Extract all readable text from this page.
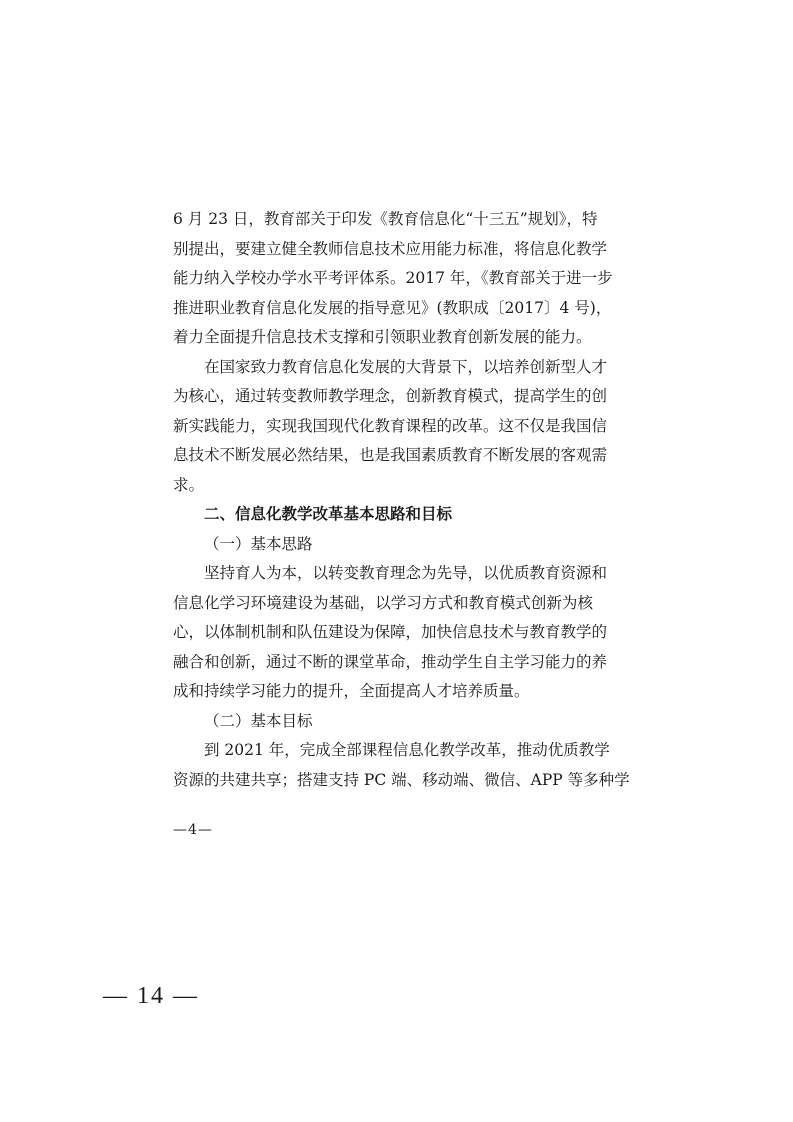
6 月 23 日，教育部关于印发《教育信息化“十三五”规划》，特
别提出，要建立健全教师信息技术应用能力标准，将信息化教学
能力纳入学校办学水平考评体系。2017 年，《教育部关于进一步
推进职业教育信息化发展的指导意见》(教职成〔2017〕4 号)，
着力全面提升信息技术支撑和引领职业教育创新发展的能力。
在国家致力教育信息化发展的大背景下，以培养创新型人才
为核心，通过转变教师教学理念，创新教育模式，提高学生的创
新实践能力，实现我国现代化教育课程的改革。这不仅是我国信
息技术不断发展必然结果，也是我国素质教育不断发展的客观需
求。
二、信息化教学改革基本思路和目标
（一）基本思路
坚持育人为本，以转变教育理念为先导，以优质教育资源和
信息化学习环境建设为基础，以学习方式和教育模式创新为核
心，以体制机制和队伍建设为保障，加快信息技术与教育教学的
融合和创新，通过不断的课堂革命，推动学生自主学习能力的养
成和持续学习能力的提升，全面提高人才培养质量。
（二）基本目标
到 2021 年，完成全部课程信息化教学改革，推动优质教学
资源的共建共享；搭建支持 PC 端、移动端、微信、APP 等多种学
—4—
— 14 —
